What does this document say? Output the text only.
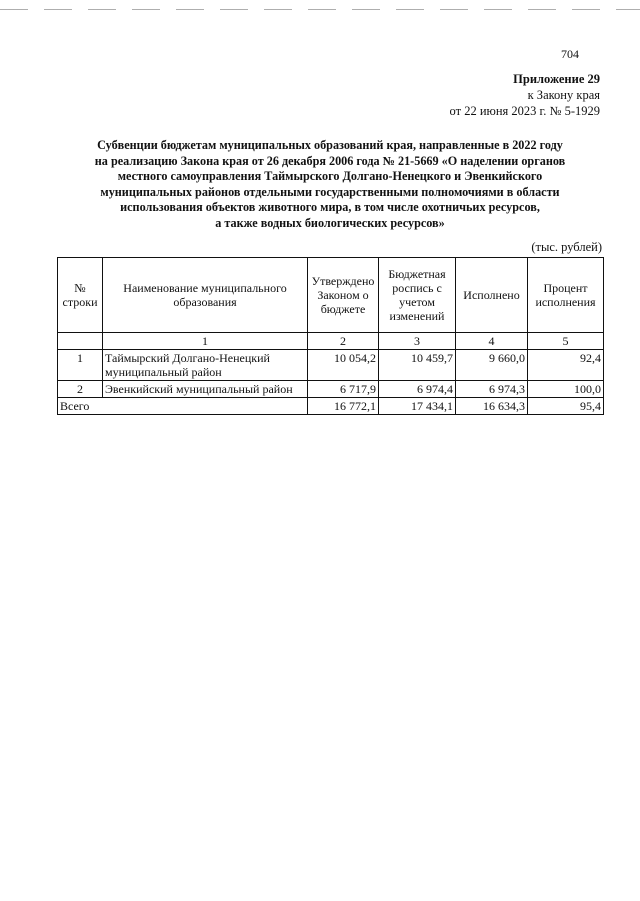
704
Приложение 29
к Закону края
от 22 июня 2023 г. № 5-1929
Субвенции бюджетам муниципальных образований края, направленные в 2022 году
на реализацию Закона края от 26 декабря 2006 года № 21-5669 «О наделении органов
местного самоуправления Таймырского Долгано-Ненецкого и Эвенкийского
муниципальных районов отдельными государственными полномочиями в области
использования объектов животного мира, в том числе охотничьих ресурсов,
а также водных биологических ресурсов»
(тыс. рублей)
№ строки	Наименование муниципального образования	Утверждено Законом о бюджете	Бюджетная роспись с учетом изменений	Исполнено	Процент исполнения
	1	2	3	4	5
1	Таймырский Долгано-Ненецкий муниципальный район	10 054,2	10 459,7	9 660,0	92,4
2	Эвенкийский муниципальный район	6 717,9	6 974,4	6 974,3	100,0
Всего		16 772,1	17 434,1	16 634,3	95,4
